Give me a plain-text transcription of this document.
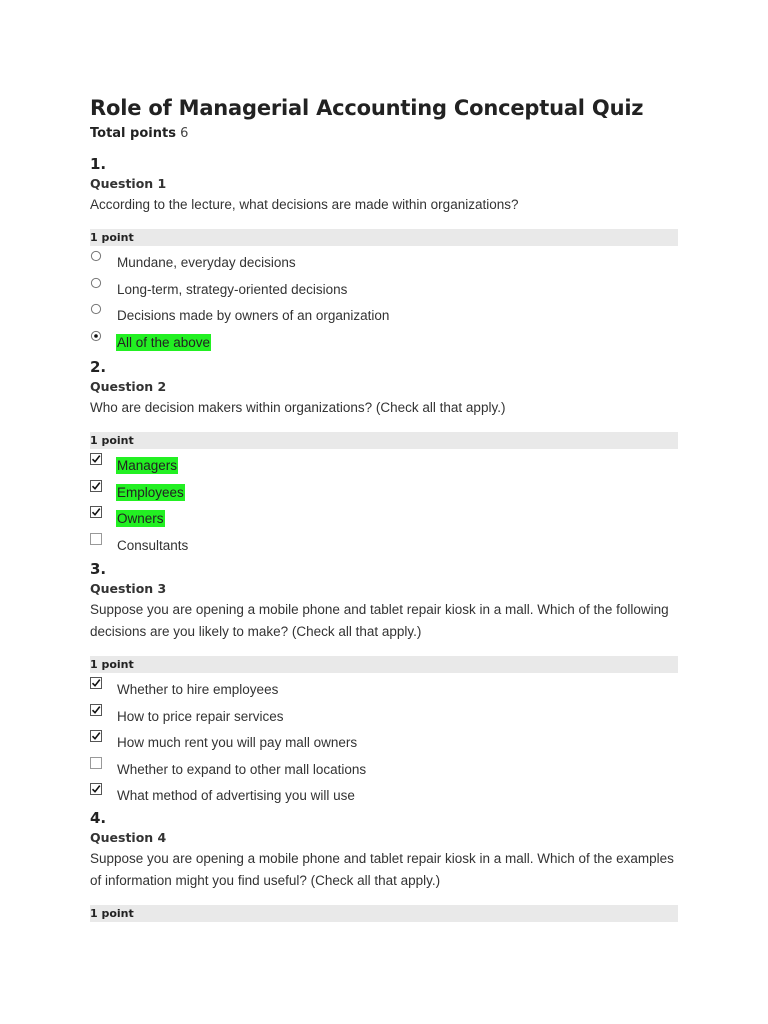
Role of Managerial Accounting Conceptual Quiz
Total points 6
1.
Question 1
According to the lecture, what decisions are made within organizations?
1 point
Mundane, everyday decisions
Long-term, strategy-oriented decisions
Decisions made by owners of an organization
All of the above
2.
Question 2
Who are decision makers within organizations? (Check all that apply.)
1 point
Managers
Employees
Owners
Consultants
3.
Question 3
Suppose you are opening a mobile phone and tablet repair kiosk in a mall. Which of the following decisions are you likely to make? (Check all that apply.)
1 point
Whether to hire employees
How to price repair services
How much rent you will pay mall owners
Whether to expand to other mall locations
What method of advertising you will use
4.
Question 4
Suppose you are opening a mobile phone and tablet repair kiosk in a mall. Which of the examples of information might you find useful? (Check all that apply.)
1 point
